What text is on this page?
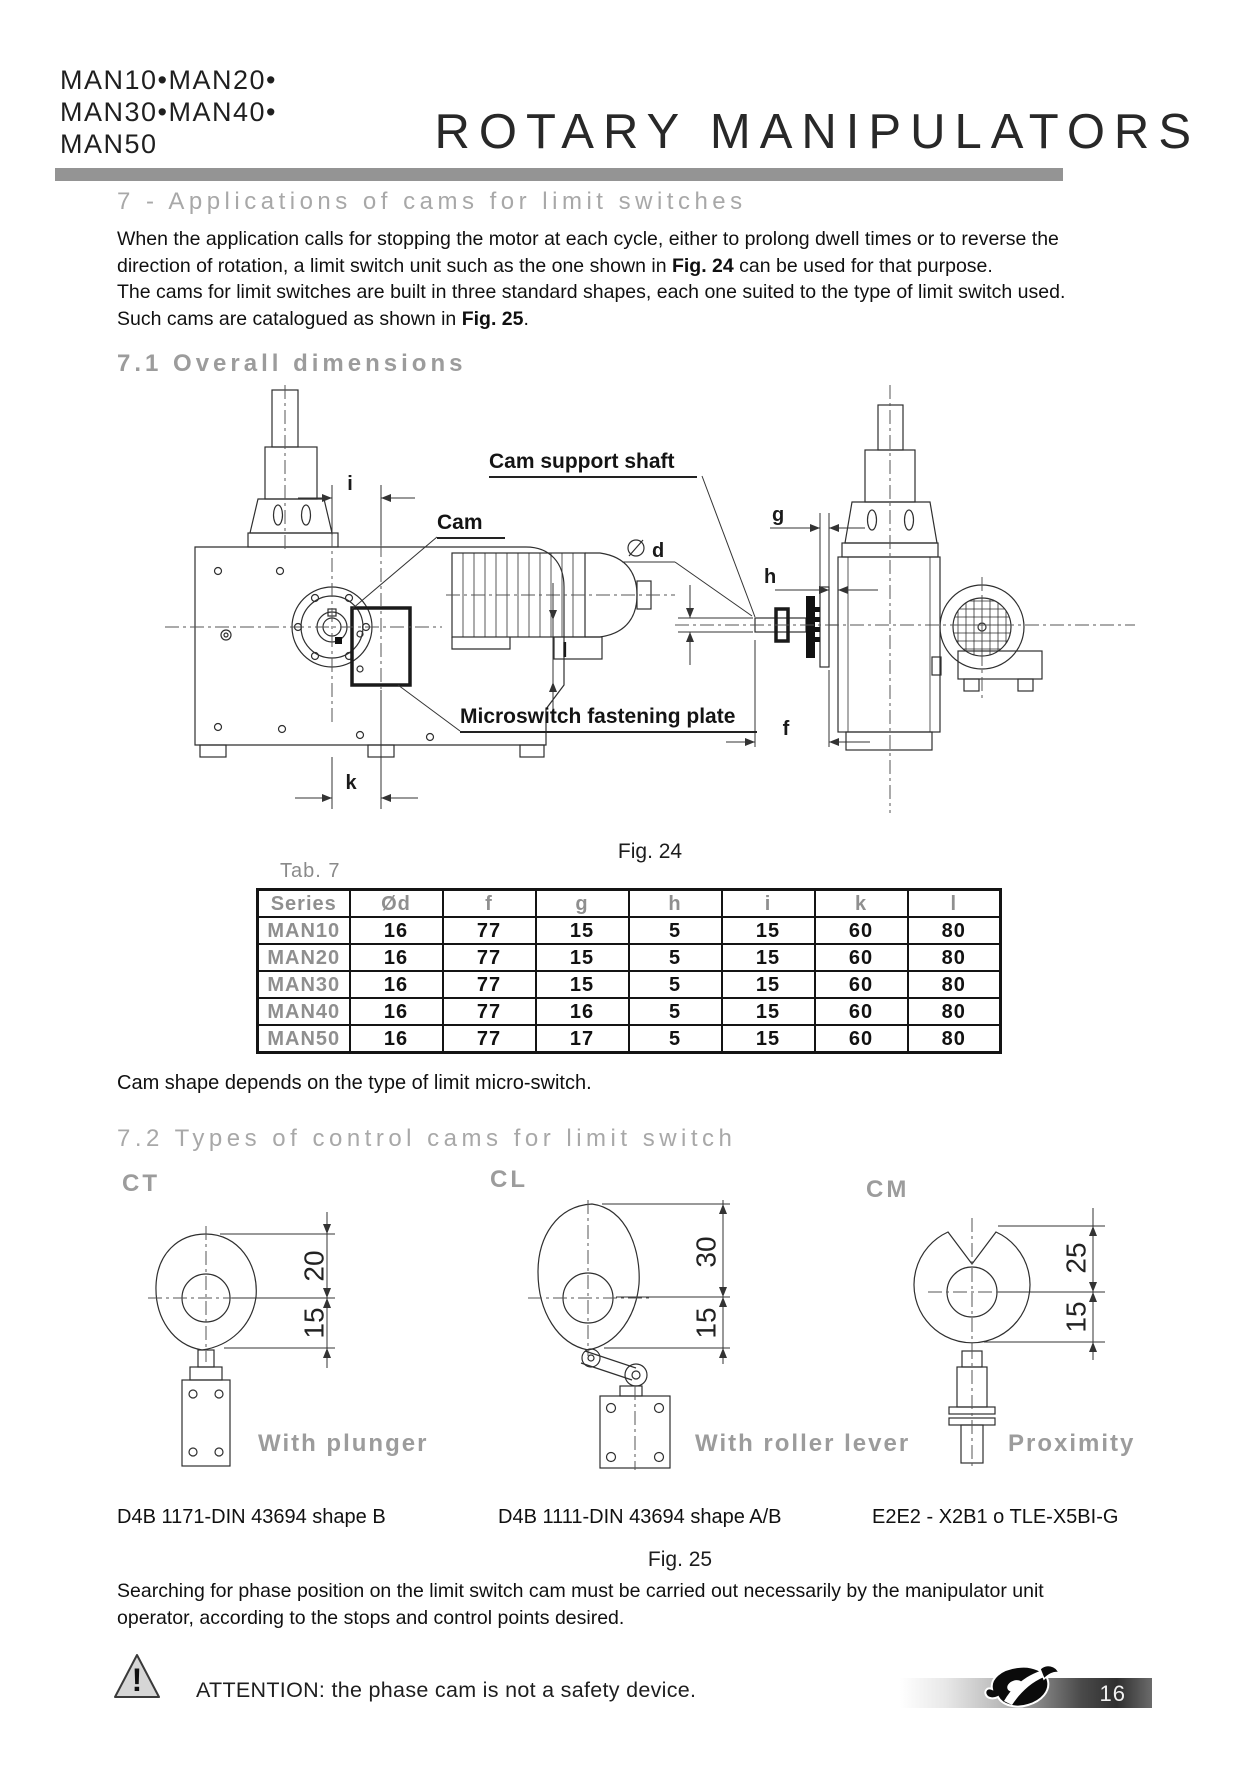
MAN10•MAN20•
MAN30•MAN40•
MAN50	ROTARY MANIPULATORS
7 - Applications of cams for limit switches
When the application calls for stopping the motor at each cycle, either to prolong dwell times or to reverse the
direction of rotation, a limit switch unit such as the one shown in Fig. 24 can be used for that purpose.
The cams for limit switches are built in three standard shapes, each one suited to the type of limit switch used.
Such cams are catalogued as shown in Fig. 25.
7.1 Overall dimensions
i
l
k
g
h
d
f
Cam support shaft
Cam
Microswitch fastening plate
Fig. 24
Tab. 7
Series	Ød	f	g	h	i	k	l
MAN10	16	77	15	5	15	60	80
MAN20	16	77	15	5	15	60	80
MAN30	16	77	15	5	15	60	80
MAN40	16	77	16	5	15	60	80
MAN50	16	77	17	5	15	60	80
Cam shape depends on the type of limit micro-switch.
7.2 Types of control cams for limit switch
CT	CL	CM
20
15
30
15
25
15
With plunger	With roller lever	Proximity
D4B 1171-DIN 43694 shape B	D4B 1111-DIN 43694 shape A/B	E2E2 - X2B1 o TLE-X5BI-G
Fig. 25
Searching for phase position on the limit switch cam must be carried out necessarily by the manipulator unit
operator, according to the stops and control points desired.
! ATTENTION: the phase cam is not a safety device.	16
